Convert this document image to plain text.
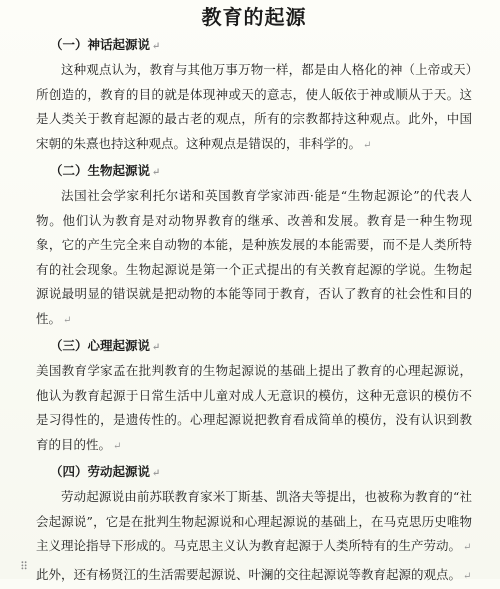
教育的起源
（一）神话起源说 ↵

这种观点认为，教育与其他万事万物一样，都是由人格化的神（上帝或天）所创造的，教育的目的就是体现神或天的意志，使人皈依于神或顺从于天。这是人类关于教育起源的最古老的观点，所有的宗教都持这种观点。此外，中国宋朝的朱熹也持这种观点。这种观点是错误的，非科学的。 ↵

（二）生物起源说 ↵

法国社会学家利托尔诺和英国教育学家沛西·能是“生物起源论”的代表人物。他们认为教育是对动物界教育的继承、改善和发展。教育是一种生物现象，它的产生完全来自动物的本能，是种族发展的本能需要，而不是人类所特有的社会现象。生物起源说是第一个正式提出的有关教育起源的学说。生物起源说最明显的错误就是把动物的本能等同于教育，否认了教育的社会性和目的性。 ↵

（三）心理起源说 ↵

美国教育学家孟在批判教育的生物起源说的基础上提出了教育的心理起源说，他认为教育起源于日常生活中儿童对成人无意识的模仿，这种无意识的模仿不是习得性的，是遗传性的。心理起源说把教育看成简单的模仿，没有认识到教育的目的性。 ↵

（四）劳动起源说 ↵

劳动起源说由前苏联教育家米丁斯基、凯洛夫等提出，也被称为教育的“社会起源说”，它是在批判生物起源说和心理起源说的基础上，在马克思历史唯物主义理论指导下形成的。马克思主义认为教育起源于人类所特有的生产劳动。 ↵

此外，还有杨贤江的生活需要起源说、叶澜的交往起源说等教育起源的观点。 ↵

⠿
